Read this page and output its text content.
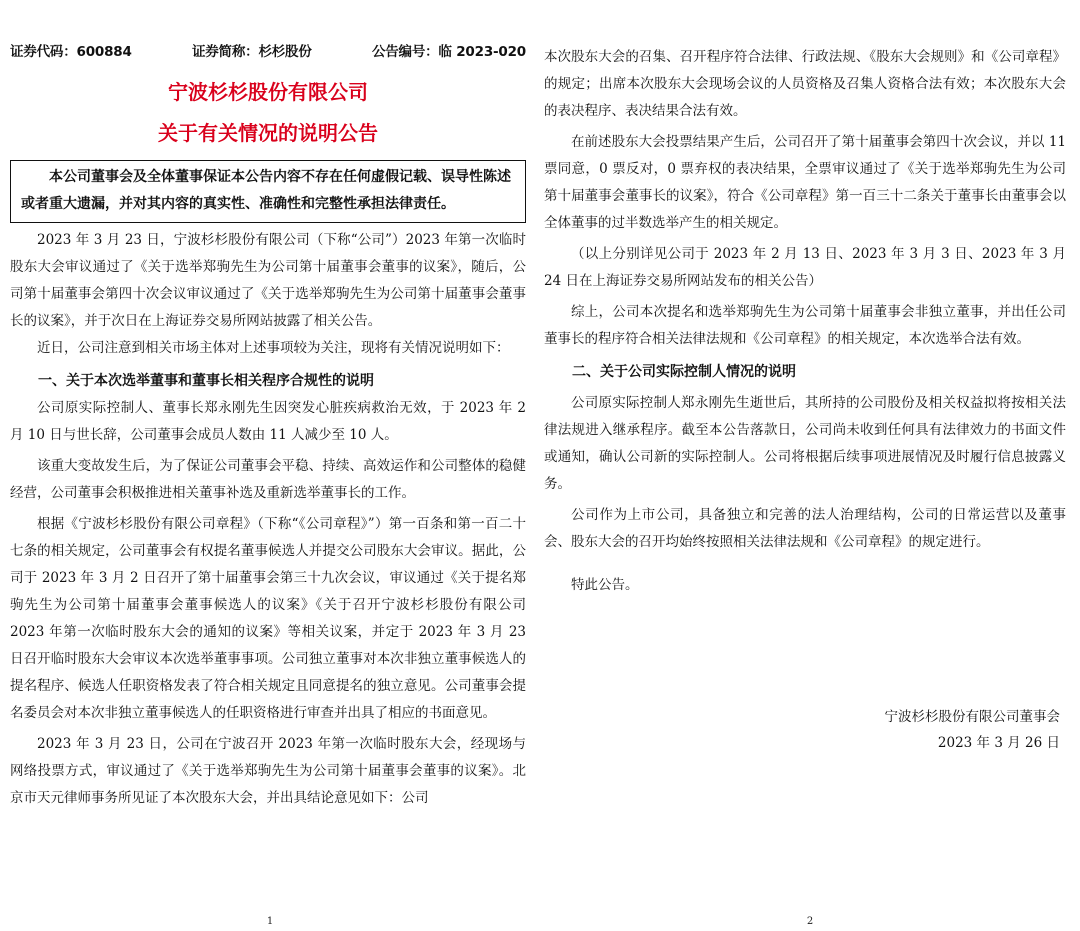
证券代码：600884	证券简称：杉杉股份	公告编号：临 2023-020
宁波杉杉股份有限公司
关于有关情况的说明公告
本公司董事会及全体董事保证本公告内容不存在任何虚假记载、误导性陈述或者重大遗漏，并对其内容的真实性、准确性和完整性承担法律责任。

2023 年 3 月 23 日，宁波杉杉股份有限公司（下称“公司”）2023 年第一次临时股东大会审议通过了《关于选举郑驹先生为公司第十届董事会董事的议案》，随后，公司第十届董事会第四十次会议审议通过了《关于选举郑驹先生为公司第十届董事会董事长的议案》，并于次日在上海证券交易所网站披露了相关公告。

近日，公司注意到相关市场主体对上述事项较为关注，现将有关情况说明如下：

一、关于本次选举董事和董事长相关程序合规性的说明

公司原实际控制人、董事长郑永刚先生因突发心脏疾病救治无效，于 2023 年 2 月 10 日与世长辞，公司董事会成员人数由 11 人减少至 10 人。

该重大变故发生后，为了保证公司董事会平稳、持续、高效运作和公司整体的稳健经营，公司董事会积极推进相关董事补选及重新选举董事长的工作。

根据《宁波杉杉股份有限公司章程》（下称“《公司章程》”）第一百条和第一百二十七条的相关规定，公司董事会有权提名董事候选人并提交公司股东大会审议。据此，公司于 2023 年 3 月 2 日召开了第十届董事会第三十九次会议，审议通过《关于提名郑驹先生为公司第十届董事会董事候选人的议案》《关于召开宁波杉杉股份有限公司 2023 年第一次临时股东大会的通知的议案》等相关议案，并定于 2023 年 3 月 23 日召开临时股东大会审议本次选举董事事项。公司独立董事对本次非独立董事候选人的提名程序、候选人任职资格发表了符合相关规定且同意提名的独立意见。公司董事会提名委员会对本次非独立董事候选人的任职资格进行审查并出具了相应的书面意见。

2023 年 3 月 23 日，公司在宁波召开 2023 年第一次临时股东大会，经现场与网络投票方式，审议通过了《关于选举郑驹先生为公司第十届董事会董事的议案》。北京市天元律师事务所见证了本次股东大会，并出具结论意见如下：公司

1

本次股东大会的召集、召开程序符合法律、行政法规、《股东大会规则》和《公司章程》的规定；出席本次股东大会现场会议的人员资格及召集人资格合法有效；本次股东大会的表决程序、表决结果合法有效。

在前述股东大会投票结果产生后，公司召开了第十届董事会第四十次会议，并以 11 票同意，0 票反对，0 票弃权的表决结果，全票审议通过了《关于选举郑驹先生为公司第十届董事会董事长的议案》，符合《公司章程》第一百三十二条关于董事长由董事会以全体董事的过半数选举产生的相关规定。

（以上分别详见公司于 2023 年 2 月 13 日、2023 年 3 月 3 日、2023 年 3 月 24 日在上海证券交易所网站发布的相关公告）

综上，公司本次提名和选举郑驹先生为公司第十届董事会非独立董事，并出任公司董事长的程序符合相关法律法规和《公司章程》的相关规定，本次选举合法有效。

二、关于公司实际控制人情况的说明

公司原实际控制人郑永刚先生逝世后，其所持的公司股份及相关权益拟将按相关法律法规进入继承程序。截至本公告落款日，公司尚未收到任何具有法律效力的书面文件或通知，确认公司新的实际控制人。公司将根据后续事项进展情况及时履行信息披露义务。

公司作为上市公司，具备独立和完善的法人治理结构，公司的日常运营以及董事会、股东大会的召开均始终按照相关法律法规和《公司章程》的规定进行。

特此公告。

宁波杉杉股份有限公司董事会
2023 年 3 月 26 日
2
